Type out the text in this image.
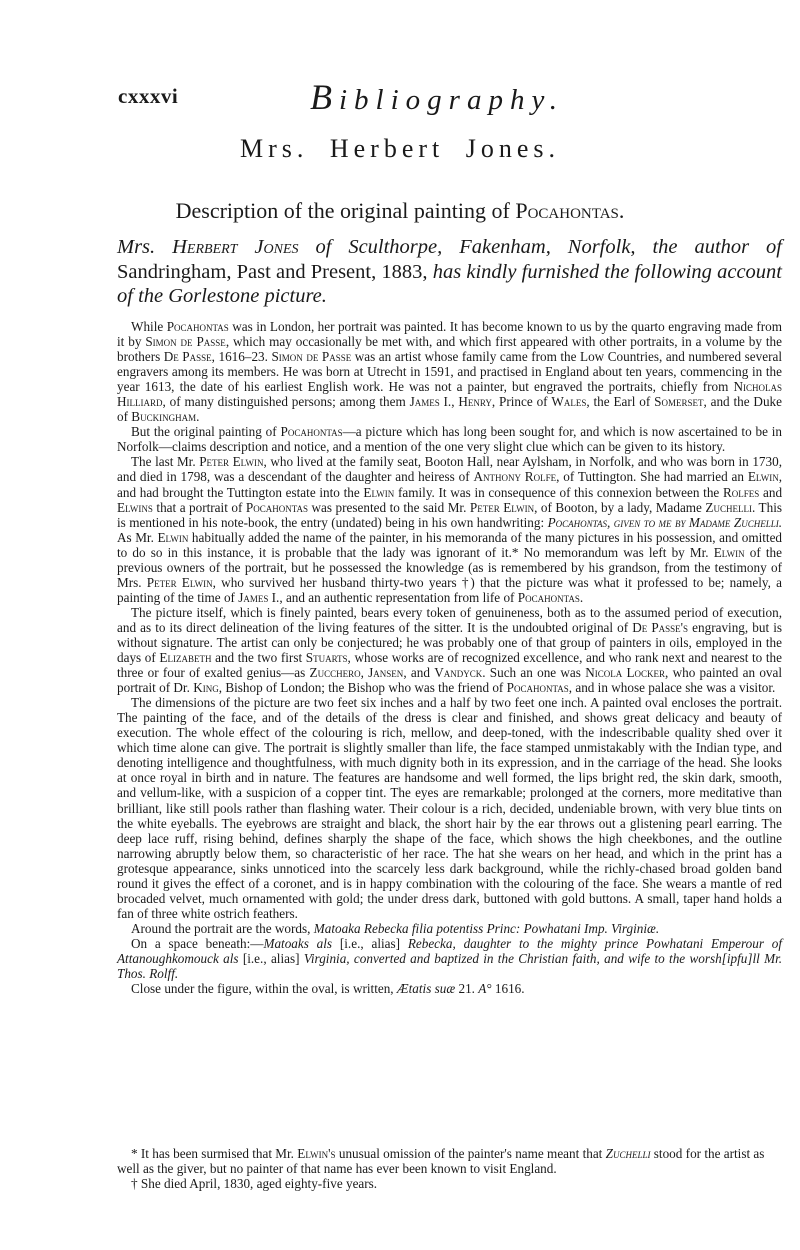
cxxxvi	Bibliography.
Mrs. Herbert Jones.
Description of the original painting of Pocahontas.
Mrs. Herbert Jones of Sculthorpe, Fakenham, Norfolk, the author of Sandringham, Past and Present, 1883, has kindly furnished the following account of the Gorlestone picture.

While Pocahontas was in London, her portrait was painted. It has become known to us by the quarto engraving made from it by Simon de Passe, which may occasionally be met with, and which first appeared with other portraits, in a volume by the brothers De Passe, 1616–23. Simon de Passe was an artist whose family came from the Low Countries, and numbered several engravers among its members. He was born at Utrecht in 1591, and practised in England about ten years, commencing in the year 1613, the date of his earliest English work. He was not a painter, but engraved the portraits, chiefly from Nicholas Hilliard, of many distinguished persons; among them James I., Henry, Prince of Wales, the Earl of Somerset, and the Duke of Buckingham.

But the original painting of Pocahontas—a picture which has long been sought for, and which is now ascertained to be in Norfolk—claims description and notice, and a mention of the one very slight clue which can be given to its history.

The last Mr. Peter Elwin, who lived at the family seat, Booton Hall, near Aylsham, in Norfolk, and who was born in 1730, and died in 1798, was a descendant of the daughter and heiress of Anthony Rolfe, of Tuttington. She had married an Elwin, and had brought the Tuttington estate into the Elwin family. It was in consequence of this connexion between the Rolfes and Elwins that a portrait of Pocahontas was presented to the said Mr. Peter Elwin, of Booton, by a lady, Madame Zuchelli. This is mentioned in his note-book, the entry (undated) being in his own handwriting: Pocahontas, given to me by Madame Zuchelli. As Mr. Elwin habitually added the name of the painter, in his memoranda of the many pictures in his possession, and omitted to do so in this instance, it is probable that the lady was ignorant of it.* No memorandum was left by Mr. Elwin of the previous owners of the portrait, but he possessed the knowledge (as is remembered by his grandson, from the testimony of Mrs. Peter Elwin, who survived her husband thirty-two years †) that the picture was what it professed to be; namely, a painting of the time of James I., and an authentic representation from life of Pocahontas.

The picture itself, which is finely painted, bears every token of genuineness, both as to the assumed period of execution, and as to its direct delineation of the living features of the sitter. It is the undoubted original of De Passe's engraving, but is without signature. The artist can only be conjectured; he was probably one of that group of painters in oils, employed in the days of Elizabeth and the two first Stuarts, whose works are of recognized excellence, and who rank next and nearest to the three or four of exalted genius—as Zucchero, Jansen, and Vandyck. Such an one was Nicola Locker, who painted an oval portrait of Dr. King, Bishop of London; the Bishop who was the friend of Pocahontas, and in whose palace she was a visitor.

The dimensions of the picture are two feet six inches and a half by two feet one inch. A painted oval encloses the portrait. The painting of the face, and of the details of the dress is clear and finished, and shows great delicacy and beauty of execution. The whole effect of the colouring is rich, mellow, and deep-toned, with the indescribable quality shed over it which time alone can give. The portrait is slightly smaller than life, the face stamped unmistakably with the Indian type, and denoting intelligence and thoughtfulness, with much dignity both in its expression, and in the carriage of the head. She looks at once royal in birth and in nature. The features are handsome and well formed, the lips bright red, the skin dark, smooth, and vellum-like, with a suspicion of a copper tint. The eyes are remarkable; prolonged at the corners, more meditative than brilliant, like still pools rather than flashing water. Their colour is a rich, decided, undeniable brown, with very blue tints on the white eyeballs. The eyebrows are straight and black, the short hair by the ear throws out a glistening pearl earring. The deep lace ruff, rising behind, defines sharply the shape of the face, which shows the high cheekbones, and the outline narrowing abruptly below them, so characteristic of her race. The hat she wears on her head, and which in the print has a grotesque appearance, sinks unnoticed into the scarcely less dark background, while the richly-chased broad golden band round it gives the effect of a coronet, and is in happy combination with the colouring of the face. She wears a mantle of red brocaded velvet, much ornamented with gold; the under dress dark, buttoned with gold buttons. A small, taper hand holds a fan of three white ostrich feathers.

Around the portrait are the words, Matoaka Rebecka filia potentiss Princ: Powhatani Imp. Virginiæ.

On a space beneath:—Matoaks als [i.e., alias] Rebecka, daughter to the mighty prince Powhatani Emperour of Attanoughkomouck als [i.e., alias] Virginia, converted and baptized in the Christian faith, and wife to the worsh[ipfu]ll Mr. Thos. Rolff.

Close under the figure, within the oval, is written, Ætatis suæ 21. A° 1616.

* It has been surmised that Mr. Elwin's unusual omission of the painter's name meant that Zuchelli stood for the artist as well as the giver, but no painter of that name has ever been known to visit England.

† She died April, 1830, aged eighty-five years.
